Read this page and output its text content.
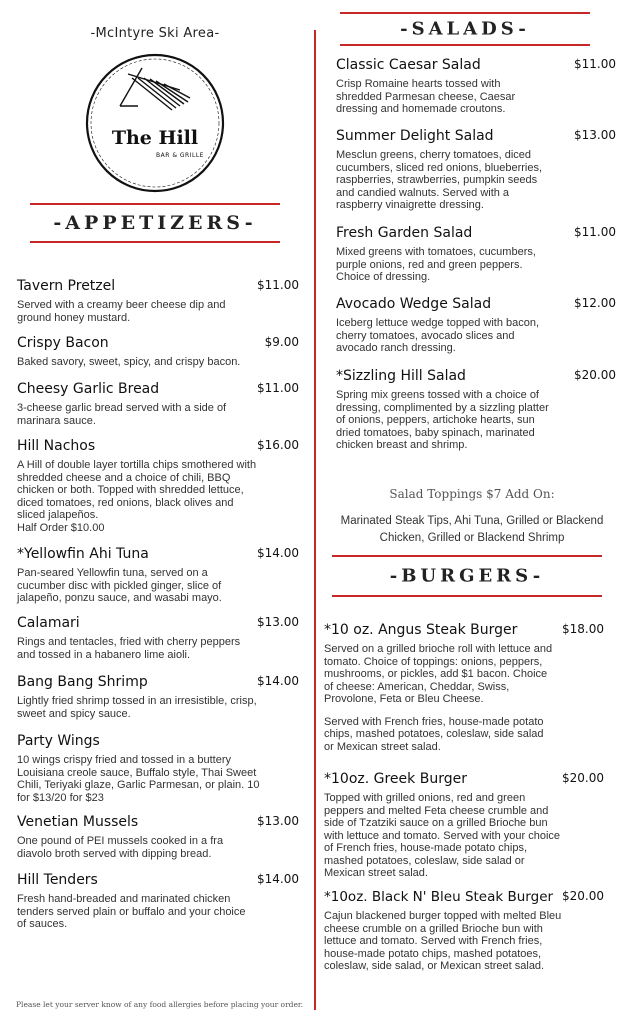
-McIntyre Ski Area-
The Hill
BAR & GRILLE
-APPETIZERS-
Tavern Pretzel	$11.00

Served with a creamy beer cheese dip and ground honey mustard.

Crispy Bacon	$9.00

Baked savory, sweet, spicy, and crispy bacon.

Cheesy Garlic Bread	$11.00

3-cheese garlic bread served with a side of marinara sauce.

Hill Nachos	$16.00

A Hill of double layer tortilla chips smothered with shredded cheese and a choice of chili, BBQ chicken or both. Topped with shredded lettuce, diced tomatoes, red onions, black olives and sliced jalapeños.

Half Order $10.00
*Yellowfin Ahi Tuna	$14.00

Pan-seared Yellowfin tuna, served on a cucumber disc with pickled ginger, slice of jalapeño, ponzu sauce, and wasabi mayo.

Calamari	$13.00

Rings and tentacles, fried with cherry peppers and tossed in a habanero lime aioli.

Bang Bang Shrimp	$14.00

Lightly fried shrimp tossed in an irresistible, crisp, sweet and spicy sauce.

Party Wings

10 wings crispy fried and tossed in a buttery Louisiana creole sauce, Buffalo style, Thai Sweet Chili, Teriyaki glaze, Garlic Parmesan, or plain. 10 for $13/20 for $23

Venetian Mussels	$13.00

One pound of PEI mussels cooked in a fra diavolo broth served with dipping bread.

Hill Tenders	$14.00

Fresh hand-breaded and marinated chicken tenders served plain or buffalo and your choice of sauces.

Please let your server know of any food allergies before placing your order.
-SALADS-
Classic Caesar Salad	$11.00

Crisp Romaine hearts tossed with shredded Parmesan cheese, Caesar dressing and homemade croutons.

Summer Delight Salad	$13.00

Mesclun greens, cherry tomatoes, diced cucumbers, sliced red onions, blueberries, raspberries, strawberries, pumpkin seeds and candied walnuts. Served with a raspberry vinaigrette dressing.

Fresh Garden Salad	$11.00

Mixed greens with tomatoes, cucumbers, purple onions, red and green peppers. Choice of dressing.

Avocado Wedge Salad	$12.00

Iceberg lettuce wedge topped with bacon, cherry tomatoes, avocado slices and avocado ranch dressing.

*Sizzling Hill Salad	$20.00

Spring mix greens tossed with a choice of dressing, complimented by a sizzling platter of onions, peppers, artichoke hearts, sun dried tomatoes, baby spinach, marinated chicken breast and shrimp.

Salad Toppings $7 Add On:
Marinated Steak Tips, Ahi Tuna, Grilled or Blackend Chicken, Grilled or Blackend Shrimp
-BURGERS-
*10 oz. Angus Steak Burger	$18.00

Served on a grilled brioche roll with lettuce and tomato. Choice of toppings: onions, peppers, mushrooms, or pickles, add $1 bacon. Choice of cheese: American, Cheddar, Swiss, Provolone, Feta or Bleu Cheese.

Served with French fries, house-made potato chips, mashed potatoes, coleslaw, side salad or Mexican street salad.

*10oz. Greek Burger	$20.00

Topped with grilled onions, red and green peppers and melted Feta cheese crumble and side of Tzatziki sauce on a grilled Brioche bun with lettuce and tomato. Served with your choice of French fries, house-made potato chips, mashed potatoes, coleslaw, side salad or Mexican street salad.

*10oz. Black N' Bleu Steak Burger $20.00

Cajun blackened burger topped with melted Bleu cheese crumble on a grilled Brioche bun with lettuce and tomato. Served with French fries, house-made potato chips, mashed potatoes, coleslaw, side salad, or Mexican street salad.
